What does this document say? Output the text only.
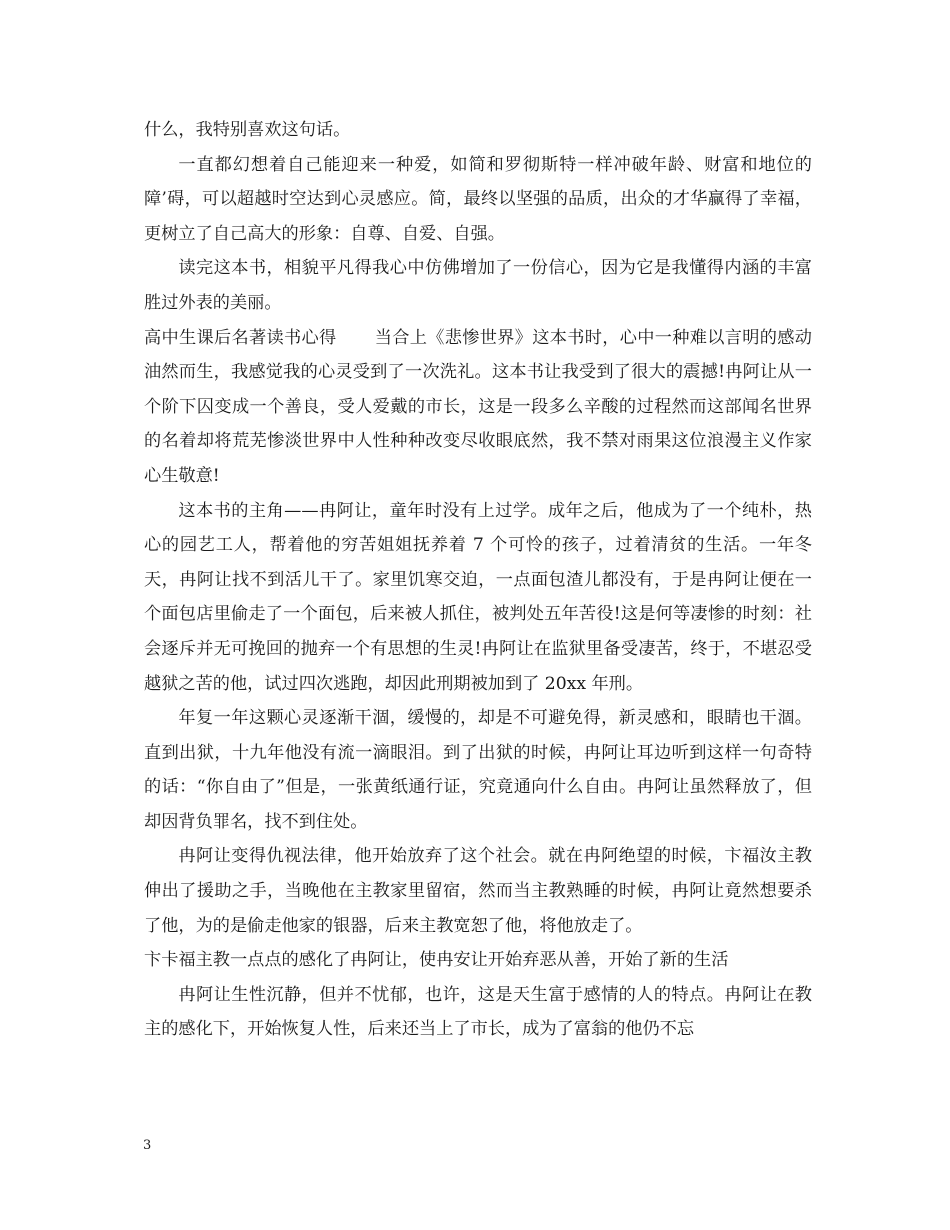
什么，我特别喜欢这句话。

一直都幻想着自己能迎来一种爱，如简和罗彻斯特一样冲破年龄、财富和地位的障’碍，可以超越时空达到心灵感应。简，最终以坚强的品质，出众的才华赢得了幸福，更树立了自己高大的形象：自尊、自爱、自强。

读完这本书，相貌平凡得我心中仿佛增加了一份信心，因为它是我懂得内涵的丰富胜过外表的美丽。

高中生课后名著读书心得 当合上《悲惨世界》这本书时，心中一种难以言明的感动油然而生，我感觉我的心灵受到了一次洗礼。这本书让我受到了很大的震撼!冉阿让从一个阶下囚变成一个善良，受人爱戴的市长，这是一段多么辛酸的过程然而这部闻名世界的名着却将荒芜惨淡世界中人性种种改变尽收眼底然，我不禁对雨果这位浪漫主义作家心生敬意!

这本书的主角——冉阿让，童年时没有上过学。成年之后，他成为了一个纯朴，热心的园艺工人，帮着他的穷苦姐姐抚养着 7 个可怜的孩子，过着清贫的生活。一年冬天，冉阿让找不到活儿干了。家里饥寒交迫，一点面包渣儿都没有，于是冉阿让便在一个面包店里偷走了一个面包，后来被人抓住，被判处五年苦役!这是何等凄惨的时刻：社会逐斥并无可挽回的抛弃一个有思想的生灵!冉阿让在监狱里备受凄苦，终于，不堪忍受越狱之苦的他，试过四次逃跑，却因此刑期被加到了 20xx 年刑。

年复一年这颗心灵逐渐干涸，缓慢的，却是不可避免得，新灵感和，眼睛也干涸。直到出狱，十九年他没有流一滴眼泪。到了出狱的时候，冉阿让耳边听到这样一句奇特的话：“你自由了”但是，一张黄纸通行证，究竟通向什么自由。冉阿让虽然释放了，但却因背负罪名，找不到住处。

冉阿让变得仇视法律，他开始放弃了这个社会。就在冉阿绝望的时候，卞福汝主教伸出了援助之手，当晚他在主教家里留宿，然而当主教熟睡的时候，冉阿让竟然想要杀了他，为的是偷走他家的银器，后来主教宽恕了他，将他放走了。

卞卡福主教一点点的感化了冉阿让，使冉安让开始弃恶从善，开始了新的生活

冉阿让生性沉静，但并不忧郁，也许，这是天生富于感情的人的特点。冉阿让在教主的感化下，开始恢复人性，后来还当上了市长，成为了富翁的他仍不忘

3
